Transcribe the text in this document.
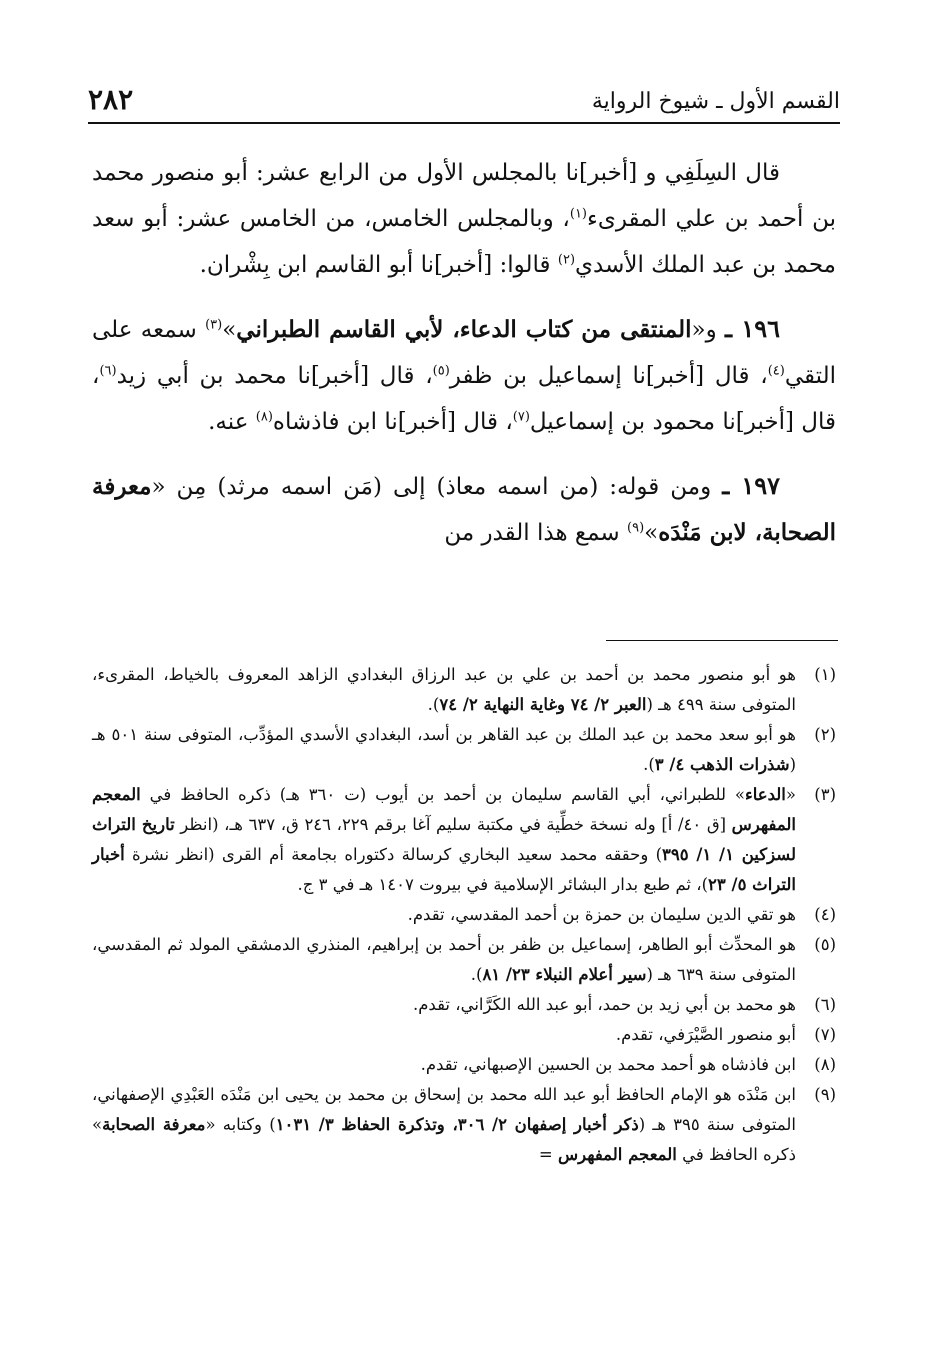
القسم الأول ـ شيوخ الرواية
٢٨٢

قال السِلَفِي و [أخبر]نا بالمجلس الأول من الرابع عشر: أبو منصور محمد بن أحمد بن علي المقرىء$^{(١)}$، وبالمجلس الخامس، من الخامس عشر: أبو سعد محمد بن عبد الملك الأسدي$^{(٢)}$ قالوا: [أخبر]نا أبو القاسم ابن بِشْران.

١٩٦ ـ و«المنتقى من كتاب الدعاء، لأبي القاسم الطبراني»$^{(٣)}$ سمعه على التقي$^{(٤)}$، قال [أخبر]نا إسماعيل بن ظفر$^{(٥)}$، قال [أخبر]نا محمد بن أبي زيد$^{(٦)}$، قال [أخبر]نا محمود بن إسماعيل$^{(٧)}$، قال [أخبر]نا ابن فاذشاه$^{(٨)}$ عنه.

١٩٧ ـ ومن قوله: (من اسمه معاذ) إلى (مَن اسمه مرثد) مِن «معرفة الصحابة، لابن مَنْدَه»$^{(٩)}$ سمع هذا القدر من

(١)
هو أبو منصور محمد بن أحمد بن علي بن عبد الرزاق البغدادي الزاهد المعروف بالخياط، المقرىء، المتوفى سنة ٤٩٩ هـ (العبر ٢/ ٧٤ وغاية النهاية ٢/ ٧٤).
(٢)
هو أبو سعد محمد بن عبد الملك بن عبد القاهر بن أسد، البغدادي الأسدي المؤدِّب، المتوفى سنة ٥٠١ هـ (شذرات الذهب ٤/ ٣).
(٣)
«الدعاء» للطبراني، أبي القاسم سليمان بن أحمد بن أيوب (ت ٣٦٠ هـ) ذكره الحافظ في المعجم المفهرس [ق ٤٠/ أ] وله نسخة خطِّية في مكتبة سليم آغا برقم ٢٢٩، ٢٤٦ ق، ٦٣٧ هـ، (انظر تاريخ التراث لسزكين ١/ ١/ ٣٩٥) وحققه محمد سعيد البخاري كرسالة دكتوراه بجامعة أم القرى (انظر نشرة أخبار التراث ٥/ ٢٣)، ثم طبع بدار البشائر الإسلامية في بيروت ١٤٠٧ هـ في ٣ ج.
(٤)
هو تقي الدين سليمان بن حمزة بن أحمد المقدسي، تقدم.
(٥)
هو المحدِّث أبو الطاهر، إسماعيل بن ظفر بن أحمد بن إبراهيم، المنذري الدمشقي المولد ثم المقدسي، المتوفى سنة ٦٣٩ هـ (سير أعلام النبلاء ٢٣/ ٨١).
(٦)
هو محمد بن أبي زيد بن حمد، أبو عبد الله الكَرَّاني، تقدم.
(٧)
أبو منصور الصَّيْرَفي، تقدم.
(٨)
ابن فاذشاه هو أحمد محمد بن الحسين الإصبهاني، تقدم.
(٩)
ابن مَنْدَه هو الإمام الحافظ أبو عبد الله محمد بن إسحاق بن محمد بن يحيى ابن مَنْدَه العَبْدِي الإصفهاني، المتوفى سنة ٣٩٥ هـ (ذكر أخبار إصفهان ٢/ ٣٠٦، وتذكرة الحفاظ ٣/ ١٠٣١) وكتابه «معرفة الصحابة» ذكره الحافظ في المعجم المفهرس =
